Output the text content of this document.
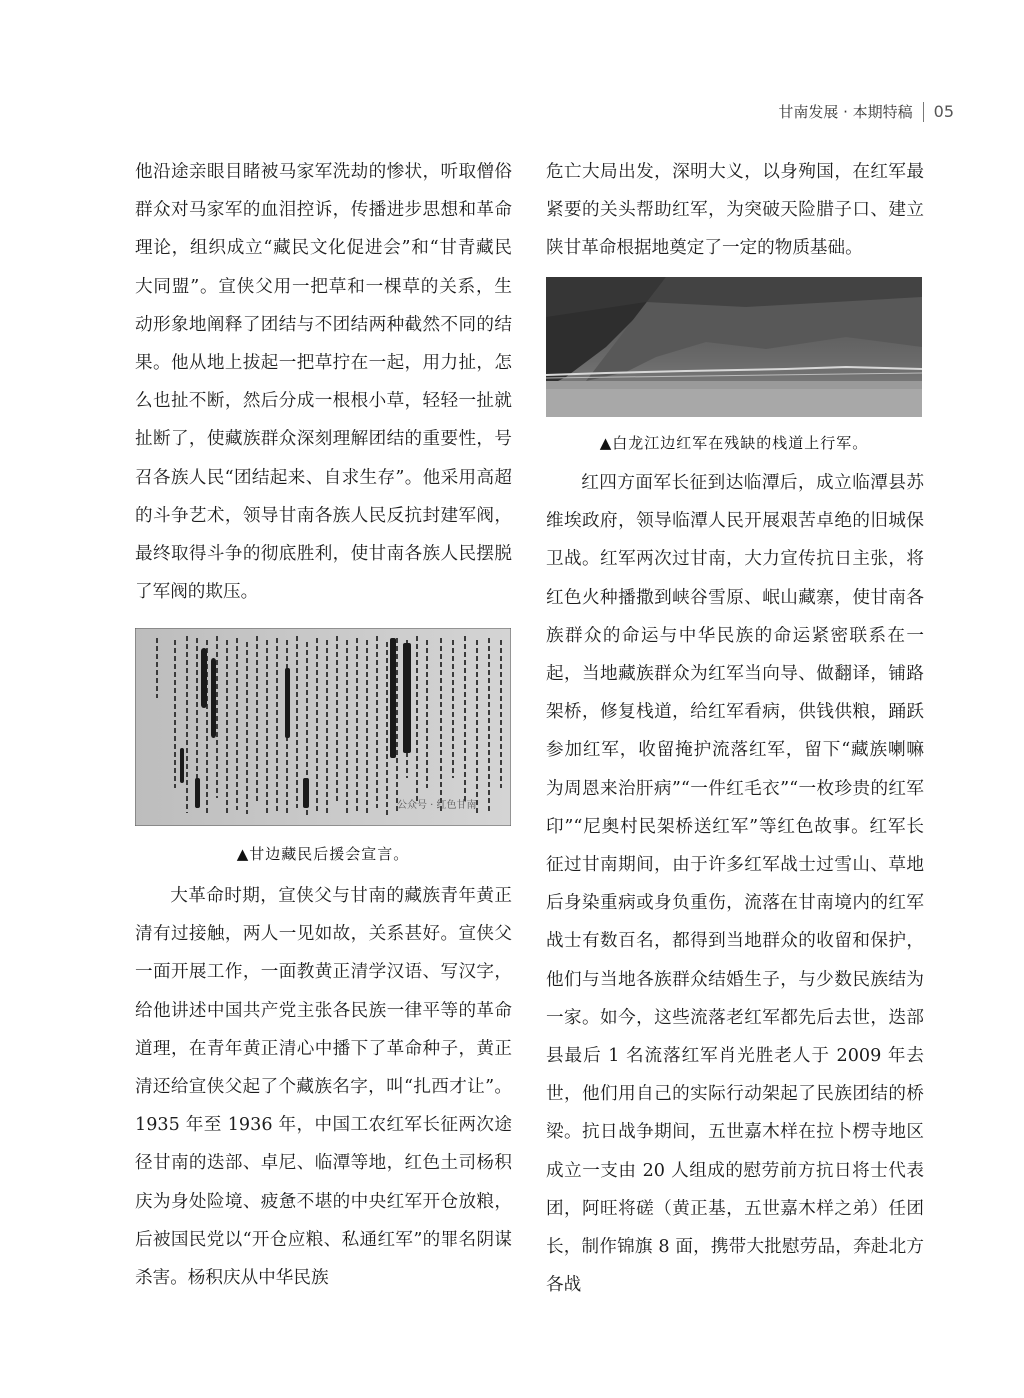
甘南发展 · 本期特稿 05

他沿途亲眼目睹被马家军洗劫的惨状，听取僧俗群众对马家军的血泪控诉，传播进步思想和革命理论，组织成立“藏民文化促进会”和“甘青藏民大同盟”。宣侠父用一把草和一棵草的关系，生动形象地阐释了团结与不团结两种截然不同的结果。他从地上拔起一把草拧在一起，用力扯，怎么也扯不断，然后分成一根根小草，轻轻一扯就扯断了，使藏族群众深刻理解团结的重要性，号召各族人民“团结起来、自求生存”。他采用高超的斗争艺术，领导甘南各族人民反抗封建军阀，最终取得斗争的彻底胜利，使甘南各族人民摆脱了军阀的欺压。

公众号 · 红色甘南
▲甘边藏民后援会宣言。

大革命时期，宣侠父与甘南的藏族青年黄正清有过接触，两人一见如故，关系甚好。宣侠父一面开展工作，一面教黄正清学汉语、写汉字，给他讲述中国共产党主张各民族一律平等的革命道理，在青年黄正清心中播下了革命种子，黄正清还给宣侠父起了个藏族名字，叫“扎西才让”。1935 年至 1936 年，中国工农红军长征两次途径甘南的迭部、卓尼、临潭等地，红色土司杨积庆为身处险境、疲惫不堪的中央红军开仓放粮，后被国民党以“开仓应粮、私通红军”的罪名阴谋杀害。杨积庆从中华民族

危亡大局出发，深明大义，以身殉国，在红军最紧要的关头帮助红军，为突破天险腊子口、建立陕甘革命根据地奠定了一定的物质基础。

▲白龙江边红军在残缺的栈道上行军。

红四方面军长征到达临潭后，成立临潭县苏维埃政府，领导临潭人民开展艰苦卓绝的旧城保卫战。红军两次过甘南，大力宣传抗日主张，将红色火种播撒到峡谷雪原、岷山藏寨，使甘南各族群众的命运与中华民族的命运紧密联系在一起，当地藏族群众为红军当向导、做翻译，铺路架桥，修复栈道，给红军看病，供钱供粮，踊跃参加红军，收留掩护流落红军，留下“藏族喇嘛为周恩来治肝病”“一件红毛衣”“一枚珍贵的红军印”“尼奥村民架桥送红军”等红色故事。红军长征过甘南期间，由于许多红军战士过雪山、草地后身染重病或身负重伤，流落在甘南境内的红军战士有数百名，都得到当地群众的收留和保护，他们与当地各族群众结婚生子，与少数民族结为一家。如今，这些流落老红军都先后去世，迭部县最后 1 名流落红军肖光胜老人于 2009 年去世，他们用自己的实际行动架起了民族团结的桥梁。抗日战争期间，五世嘉木样在拉卜楞寺地区成立一支由 20 人组成的慰劳前方抗日将士代表团，阿旺将磋（黄正基，五世嘉木样之弟）任团长，制作锦旗 8 面，携带大批慰劳品，奔赴北方各战
